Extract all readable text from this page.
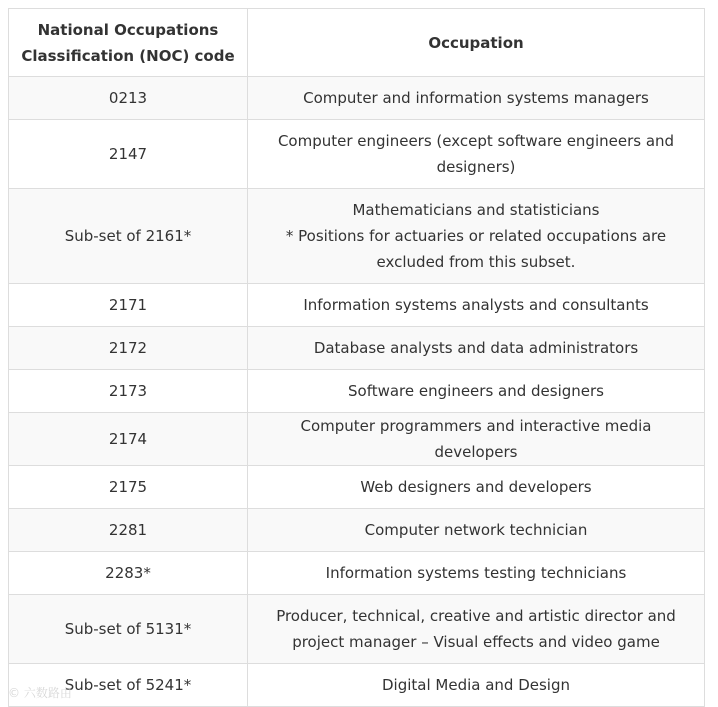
National Occupations Classification (NOC) code	Occupation
0213	Computer and information systems managers

2147	Computer engineers (except software engineers and designers)

Sub-set of 2161*	Mathematicians and statisticians
* Positions for actuaries or related occupations are excluded from this subset.

2171	Information systems analysts and consultants

2172	Database analysts and data administrators

2173	Software engineers and designers

2174	Computer programmers and interactive media developers

2175	Web designers and developers

2281	Computer network technician

2283*	Information systems testing technicians

Sub-set of 5131*	Producer, technical, creative and artistic director and project manager – Visual effects and video game

Sub-set of 5241*	Digital Media and Design
© 六数路由
